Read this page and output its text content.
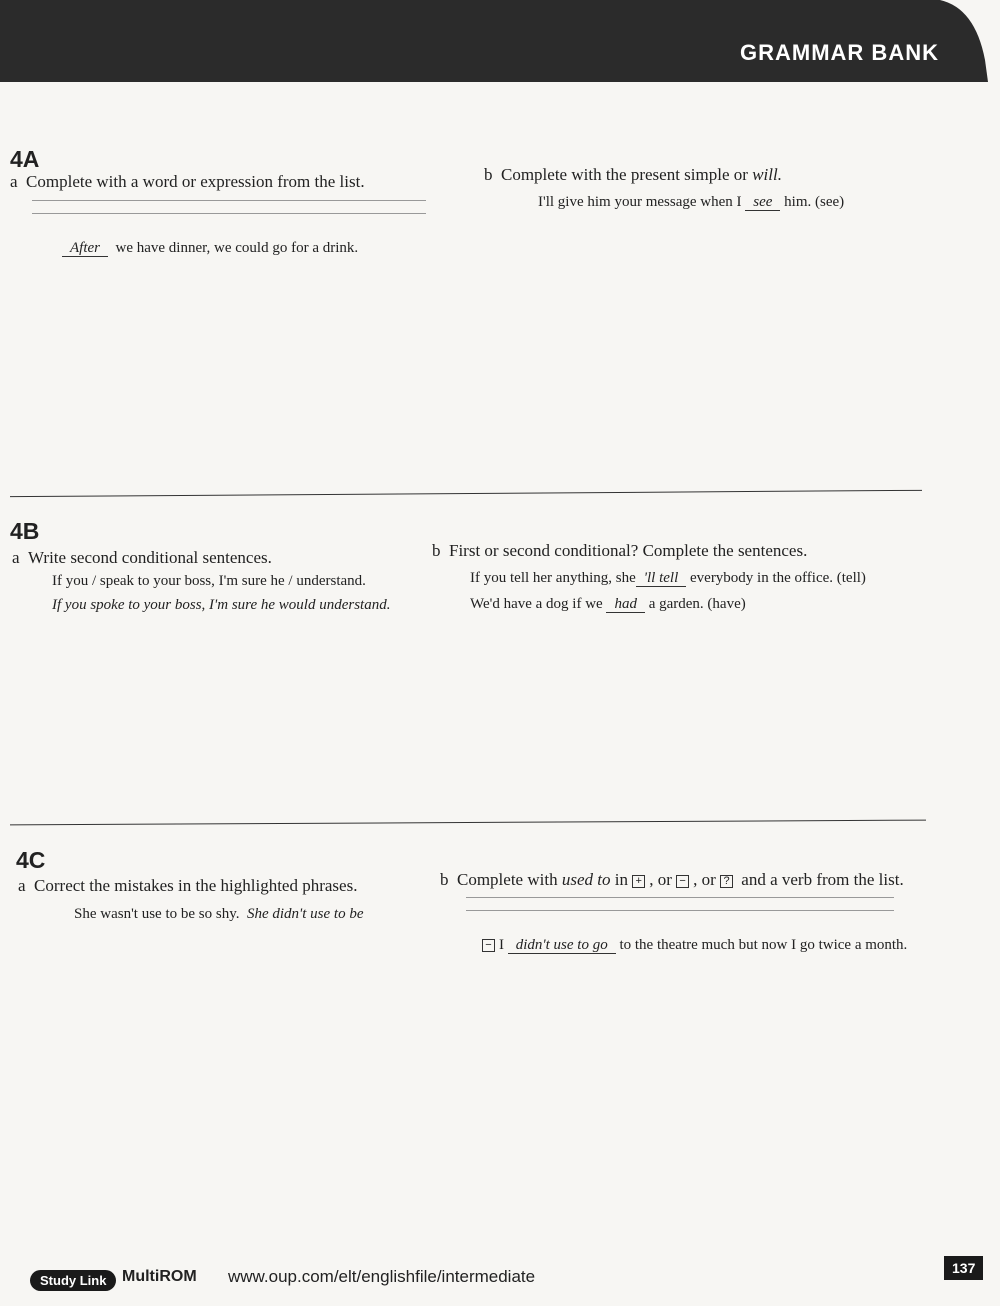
GRAMMAR BANK
4A
a Complete with a word or expression from the list.
After we have dinner, we could go for a drink.
b Complete with the present simple or will.
I'll give him your message when I see him. (see)
4B
a Write second conditional sentences.
If you / speak to your boss, I'm sure he / understand.
If you spoke to your boss, I'm sure he would understand.
b First or second conditional? Complete the sentences.
If you tell her anything, she 'll tell everybody in the office. (tell)
We'd have a dog if we had a garden. (have)
4C
a Correct the mistakes in the highlighted phrases.
She wasn't use to be so shy. She didn't use to be
b Complete with used to in + , or − , or ? and a verb from the list.
− I didn't use to go to the theatre much but now I go twice a month.
Study Link MultiROM www.oup.com/elt/englishfile/intermediate	137
